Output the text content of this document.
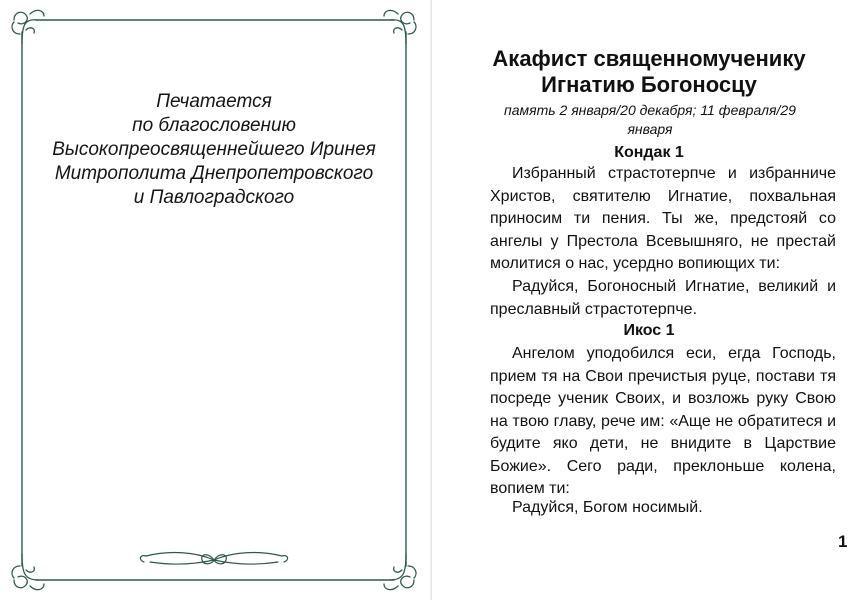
Печатается
по благословению
Высокопреосвященнейшего Иринея
Митрополита Днепропетровского
и Павлоградского
Акафист священномученику
Игнатию Богоносцу
память 2 января/20 декабря; 11 февраля/29 января
Кондак 1
Избранный страстотерпче и избранниче Христов, святителю Игнатие, похвальная приносим ти пения. Ты же, предстояй со ангелы у Престола Всевышняго, не престай молитися о нас, усердно вопиющих ти:
Радуйся, Богоносный Игнатие, великий и преславный страстотерпче.
Икос 1
Ангелом уподобился еси, егда Господь, прием тя на Свои пречистыя руце, постави тя посреде ученик Своих, и возложь руку Свою на твою главу, рече им: «Аще не обратитеся и будите яко дети, не внидите в Царствие Божие». Сего ради, преклоньше колена, вопием ти:
Радуйся, Богом носимый.
1
